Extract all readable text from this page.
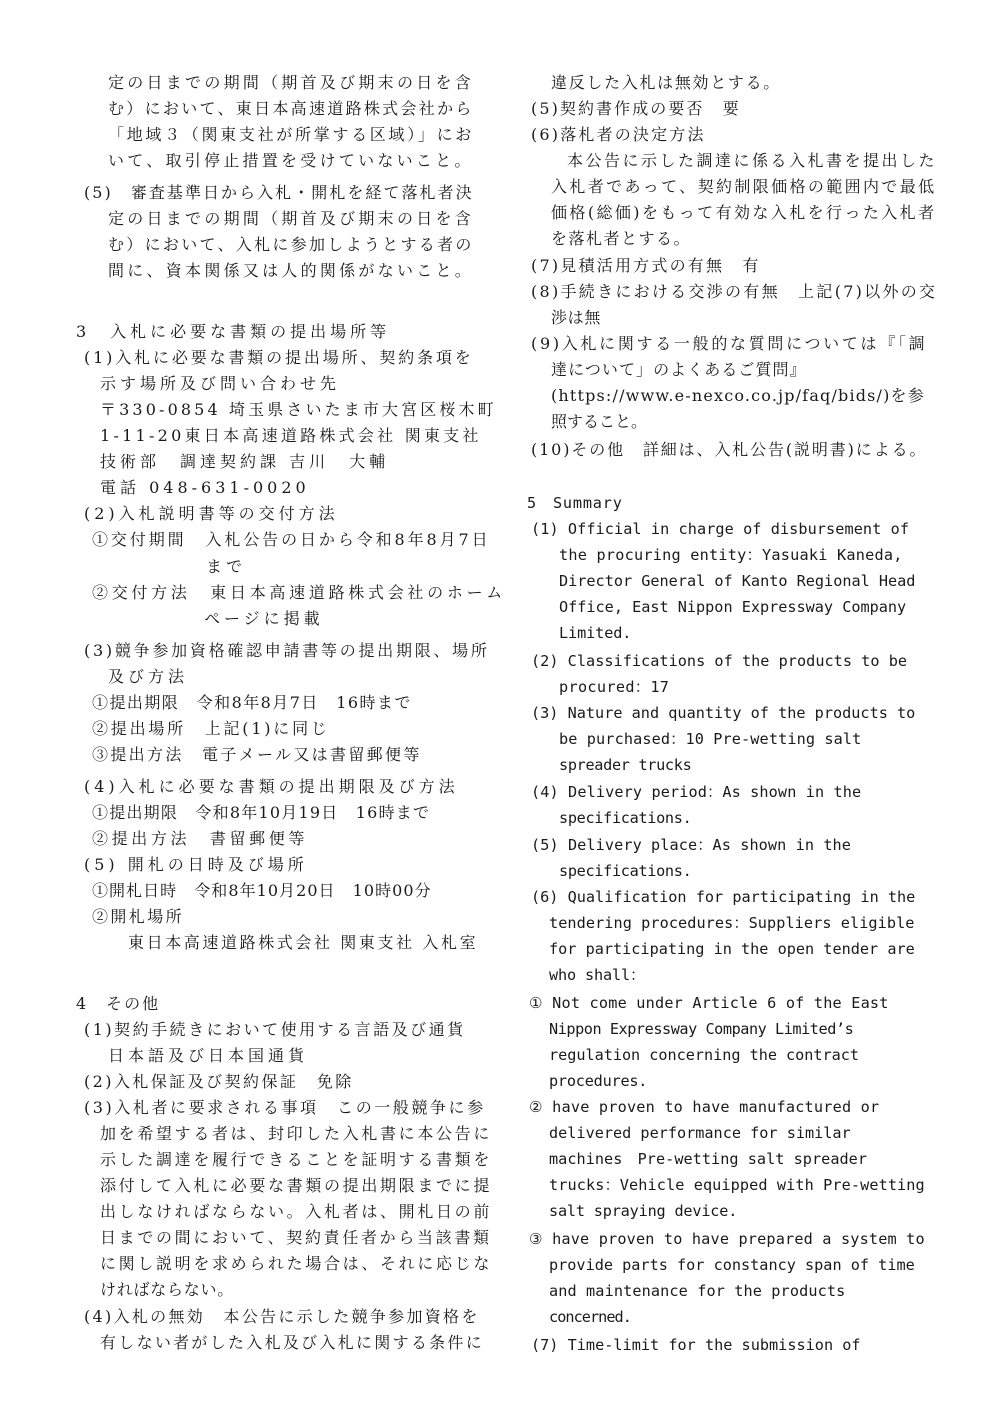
定の日までの期間（期首及び期末の日を含
む）において、東日本高速道路株式会社から
「地域３（関東支社が所掌する区域）」にお
いて、取引停止措置を受けていないこと。
(5)　審査基準日から入札・開札を経て落札者決
定の日までの期間（期首及び期末の日を含
む）において、入札に参加しようとする者の
間に、資本関係又は人的関係がないこと。
3　入札に必要な書類の提出場所等
(1)入札に必要な書類の提出場所、契約条項を
示す場所及び問い合わせ先
〒330-0854 埼玉県さいたま市大宮区桜木町
1-11-20東日本高速道路株式会社 関東支社
技術部　調達契約課 吉川　大輔
電話 048-631-0020
(2)入札説明書等の交付方法
①交付期間　入札公告の日から令和8年8月7日
まで
②交付方法　東日本高速道路株式会社のホーム
ページに掲載
(3)競争参加資格確認申請書等の提出期限、場所
及び方法
①提出期限　令和8年8月7日　16時まで
②提出場所　上記(1)に同じ
③提出方法　電子メール又は書留郵便等
(4)入札に必要な書類の提出期限及び方法
①提出期限　令和8年10月19日　16時まで
②提出方法　書留郵便等
(5) 開札の日時及び場所
①開札日時　令和8年10月20日　10時00分
②開札場所
東日本高速道路株式会社 関東支社 入札室
4　その他
(1)契約手続きにおいて使用する言語及び通貨
日本語及び日本国通貨
(2)入札保証及び契約保証　免除
(3)入札者に要求される事項　この一般競争に参
加を希望する者は、封印した入札書に本公告に
示した調達を履行できることを証明する書類を
添付して入札に必要な書類の提出期限までに提
出しなければならない。入札者は、開札日の前
日までの間において、契約責任者から当該書類
に関し説明を求められた場合は、それに応じな
ければならない。
(4)入札の無効　本公告に示した競争参加資格を
有しない者がした入札及び入札に関する条件に
違反した入札は無効とする。
(5)契約書作成の要否　要
(6)落札者の決定方法
本公告に示した調達に係る入札書を提出した
入札者であって、契約制限価格の範囲内で最低
価格(総価)をもって有効な入札を行った入札者
を落札者とする。
(7)見積活用方式の有無　有
(8)手続きにおける交渉の有無　上記(7)以外の交
渉は無
(9)入札に関する一般的な質問については『「調
達について」のよくあるご質問』
(https://www.e-nexco.co.jp/faq/bids/)を参
照すること。
(10)その他　詳細は、入札公告(説明書)による。
5　Summary
(1) Official in charge of disbursement of
the procuring entity：Yasuaki Kaneda,
Director General of Kanto Regional Head
Office, East Nippon Expressway Company
Limited.
(2) Classifications of the products to be
procured：17
(3) Nature and quantity of the products to
be purchased：10 Pre-wetting salt
spreader trucks
(4) Delivery period：As shown in the
specifications.
(5) Delivery place：As shown in the
specifications.
(6) Qualification for participating in the
tendering procedures：Suppliers eligible
for participating in the open tender are
who shall：
① Not come under Article 6 of the East
Nippon Expressway Company Limited’s
regulation concerning the contract
procedures.
② have proven to have manufactured or
delivered performance for similar
machines　Pre-wetting salt spreader
trucks：Vehicle equipped with Pre-wetting
salt spraying device.
③ have proven to have prepared a system to
provide parts for constancy span of time
and maintenance for the products
concerned.
(7) Time-limit for the submission of
